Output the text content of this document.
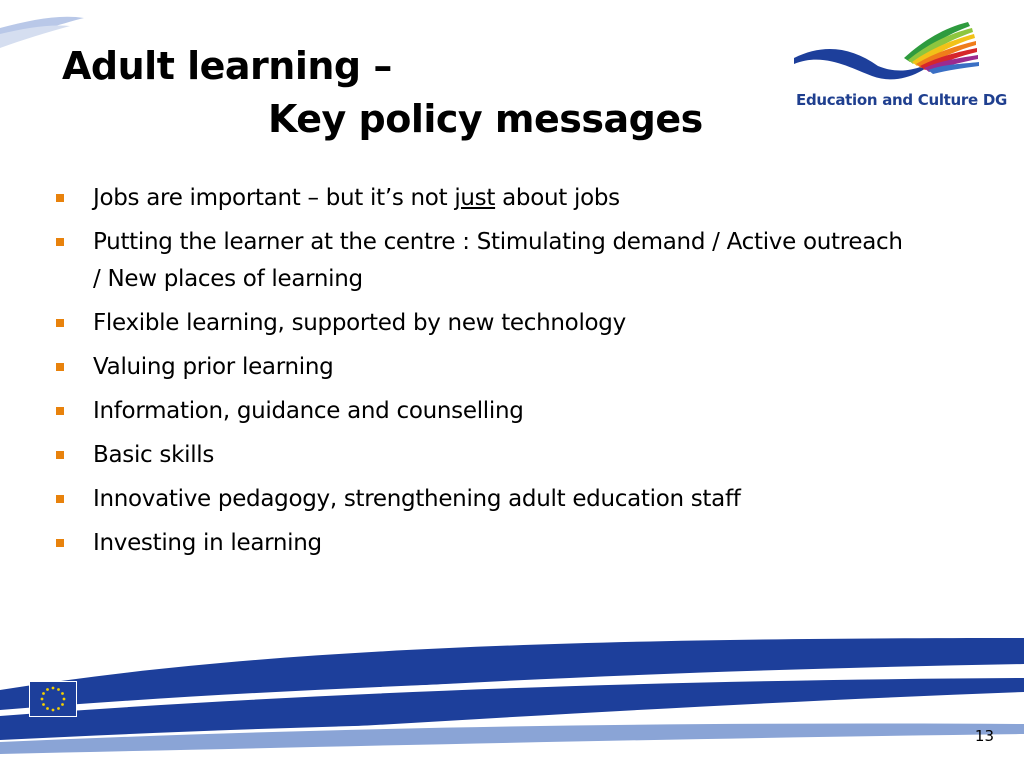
Adult learning –
Key policy messages	Education and Culture DG
Jobs are important – but it’s not just about jobs
Putting the learner at the centre : Stimulating demand / Active outreach / New places of learning
Flexible learning, supported by new technology
Valuing prior learning
Information, guidance and counselling
Basic skills
Innovative pedagogy, strengthening adult education staff
Investing in learning
13
